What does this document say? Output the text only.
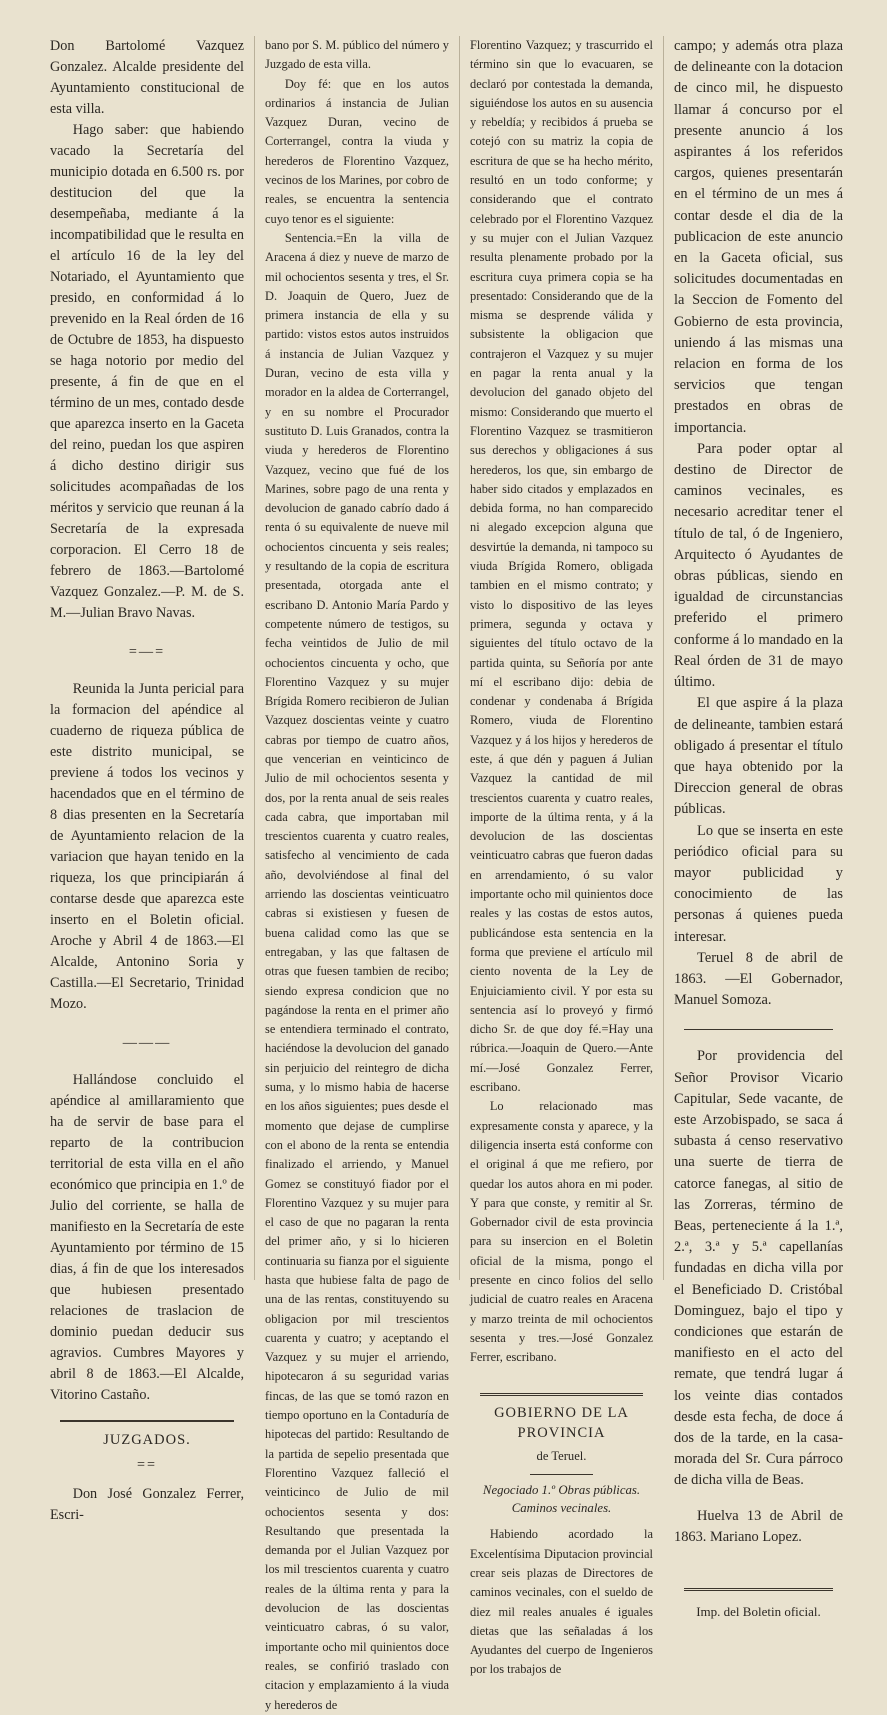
Don Bartolomé Vazquez Gonzalez. Alcalde presidente del Ayuntamiento constitucional de esta villa.

Hago saber: que habiendo vacado la Secretaría del municipio dotada en 6.500 rs. por destitucion del que la desempeñaba, mediante á la incompatibilidad que le resulta en el artículo 16 de la ley del Notariado, el Ayuntamiento que presido, en conformidad á lo prevenido en la Real órden de 16 de Octubre de 1853, ha dispuesto se haga notorio por medio del presente, á fin de que en el término de un mes, contado desde que aparezca inserto en la Gaceta del reino, puedan los que aspiren á dicho destino dirigir sus solicitudes acompañadas de los méritos y servicio que reunan á la Secretaría de la expresada corporacion. El Cerro 18 de febrero de 1863.—Bartolomé Vazquez Gonzalez.—P. M. de S. M.—Julian Bravo Navas.

=—=

Reunida la Junta pericial para la formacion del apéndice al cuaderno de riqueza pública de este distrito municipal, se previene á todos los vecinos y hacendados que en el término de 8 dias presenten en la Secretaría de Ayuntamiento relacion de la variacion que hayan tenido en la riqueza, los que principiarán á contarse desde que aparezca este inserto en el Boletin oficial. Aroche y Abril 4 de 1863.—El Alcalde, Antonino Soria y Castilla.—El Secretario, Trinidad Mozo.

———

Hallándose concluido el apéndice al amillaramiento que ha de servir de base para el reparto de la contribucion territorial de esta villa en el año económico que principia en 1.º de Julio del corriente, se halla de manifiesto en la Secretaría de este Ayuntamiento por término de 15 dias, á fin de que los interesados que hubiesen presentado relaciones de traslacion de dominio puedan deducir sus agravios. Cumbres Mayores y abril 8 de 1863.—El Alcalde, Vitorino Castaño.

JUZGADOS.
==

Don José Gonzalez Ferrer, Escri-

bano por S. M. público del número y Juzgado de esta villa.

Doy fé: que en los autos ordinarios á instancia de Julian Vazquez Duran, vecino de Corterrangel, contra la viuda y herederos de Florentino Vazquez, vecinos de los Marines, por cobro de reales, se encuentra la sentencia cuyo tenor es el siguiente:

Sentencia.=En la villa de Aracena á diez y nueve de marzo de mil ochocientos sesenta y tres, el Sr. D. Joaquin de Quero, Juez de primera instancia de ella y su partido: vistos estos autos instruidos á instancia de Julian Vazquez y Duran, vecino de esta villa y morador en la aldea de Corterrangel, y en su nombre el Procurador sustituto D. Luis Granados, contra la viuda y herederos de Florentino Vazquez, vecino que fué de los Marines, sobre pago de una renta y devolucion de ganado cabrío dado á renta ó su equivalente de nueve mil ochocientos cincuenta y seis reales; y resultando de la copia de escritura presentada, otorgada ante el escribano D. Antonio María Pardo y competente número de testigos, su fecha veintidos de Julio de mil ochocientos cincuenta y ocho, que Florentino Vazquez y su mujer Brígida Romero recibieron de Julian Vazquez doscientas veinte y cuatro cabras por tiempo de cuatro años, que vencerian en veinticinco de Julio de mil ochocientos sesenta y dos, por la renta anual de seis reales cada cabra, que importaban mil trescientos cuarenta y cuatro reales, satisfecho al vencimiento de cada año, devolviéndose al final del arriendo las doscientas veinticuatro cabras si existiesen y fuesen de buena calidad como las que se entregaban, y las que faltasen de otras que fuesen tambien de recibo; siendo expresa condicion que no pagándose la renta en el primer año se entendiera terminado el contrato, haciéndose la devolucion del ganado sin perjuicio del reintegro de dicha suma, y lo mismo habia de hacerse en los años siguientes; pues desde el momento que dejase de cumplirse con el abono de la renta se entendia finalizado el arriendo, y Manuel Gomez se constituyó fiador por el Florentino Vazquez y su mujer para el caso de que no pagaran la renta del primer año, y si lo hicieren continuaria su fianza por el siguiente hasta que hubiese falta de pago de una de las rentas, constituyendo su obligacion por mil trescientos cuarenta y cuatro; y aceptando el Vazquez y su mujer el arriendo, hipotecaron á su seguridad varias fincas, de las que se tomó razon en tiempo oportuno en la Contaduría de hipotecas del partido: Resultando de la partida de sepelio presentada que Florentino Vazquez falleció el veinticinco de Julio de mil ochocientos sesenta y dos: Resultando que presentada la demanda por el Julian Vazquez por los mil trescientos cuarenta y cuatro reales de la última renta y para la devolucion de las doscientas veinticuatro cabras, ó su valor, importante ocho mil quinientos doce reales, se confirió traslado con citacion y emplazamiento á la viuda y herederos de

Florentino Vazquez; y trascurrido el término sin que lo evacuaren, se declaró por contestada la demanda, siguiéndose los autos en su ausencia y rebeldía; y recibidos á prueba se cotejó con su matriz la copia de escritura de que se ha hecho mérito, resultó en un todo conforme; y considerando que el contrato celebrado por el Florentino Vazquez y su mujer con el Julian Vazquez resulta plenamente probado por la escritura cuya primera copia se ha presentado: Considerando que de la misma se desprende válida y subsistente la obligacion que contrajeron el Vazquez y su mujer en pagar la renta anual y la devolucion del ganado objeto del mismo: Considerando que muerto el Florentino Vazquez se trasmitieron sus derechos y obligaciones á sus herederos, los que, sin embargo de haber sido citados y emplazados en debida forma, no han comparecido ni alegado excepcion alguna que desvirtúe la demanda, ni tampoco su viuda Brígida Romero, obligada tambien en el mismo contrato; y visto lo dispositivo de las leyes primera, segunda y octava y siguientes del título octavo de la partida quinta, su Señoría por ante mí el escribano dijo: debia de condenar y condenaba á Brígida Romero, viuda de Florentino Vazquez y á los hijos y herederos de este, á que dén y paguen á Julian Vazquez la cantidad de mil trescientos cuarenta y cuatro reales, importe de la última renta, y á la devolucion de las doscientas veinticuatro cabras que fueron dadas en arrendamiento, ó su valor importante ocho mil quinientos doce reales y las costas de estos autos, publicándose esta sentencia en la forma que previene el artículo mil ciento noventa de la Ley de Enjuiciamiento civil. Y por esta su sentencia así lo proveyó y firmó dicho Sr. de que doy fé.=Hay una rúbrica.—Joaquin de Quero.—Ante mí.—José Gonzalez Ferrer, escribano.

Lo relacionado mas expresamente consta y aparece, y la diligencia inserta está conforme con el original á que me refiero, por quedar los autos ahora en mi poder. Y para que conste, y remitir al Sr. Gobernador civil de esta provincia para su insercion en el Boletin oficial de la misma, pongo el presente en cinco folios del sello judicial de cuatro reales en Aracena y marzo treinta de mil ochocientos sesenta y tres.—José Gonzalez Ferrer, escribano.

GOBIERNO DE LA PROVINCIA
de Teruel.
Negociado 1.º Obras públicas. Caminos vecinales.

Habiendo acordado la Excelentísima Diputacion provincial crear seis plazas de Directores de caminos vecinales, con el sueldo de diez mil reales anuales é iguales dietas que las señaladas á los Ayudantes del cuerpo de Ingenieros por los trabajos de

campo; y además otra plaza de delineante con la dotacion de cinco mil, he dispuesto llamar á concurso por el presente anuncio á los aspirantes á los referidos cargos, quienes presentarán en el término de un mes á contar desde el dia de la publicacion de este anuncio en la Gaceta oficial, sus solicitudes documentadas en la Seccion de Fomento del Gobierno de esta provincia, uniendo á las mismas una relacion en forma de los servicios que tengan prestados en obras de importancia.

Para poder optar al destino de Director de caminos vecinales, es necesario acreditar tener el título de tal, ó de Ingeniero, Arquitecto ó Ayudantes de obras públicas, siendo en igualdad de circunstancias preferido el primero conforme á lo mandado en la Real órden de 31 de mayo último.

El que aspire á la plaza de delineante, tambien estará obligado á presentar el título que haya obtenido por la Direccion general de obras públicas.

Lo que se inserta en este periódico oficial para su mayor publicidad y conocimiento de las personas á quienes pueda interesar.

Teruel 8 de abril de 1863. —El Gobernador, Manuel Somoza.

Por providencia del Señor Provisor Vicario Capitular, Sede vacante, de este Arzobispado, se saca á subasta á censo reservativo una suerte de tierra de catorce fanegas, al sitio de las Zorreras, término de Beas, perteneciente á la 1.ª, 2.ª, 3.ª y 5.ª capellanías fundadas en dicha villa por el Beneficiado D. Cristóbal Dominguez, bajo el tipo y condiciones que estarán de manifiesto en el acto del remate, que tendrá lugar á los veinte dias contados desde esta fecha, de doce á dos de la tarde, en la casa-morada del Sr. Cura párroco de dicha villa de Beas.

Huelva 13 de Abril de 1863. Mariano Lopez.

Imp. del Boletin oficial.
